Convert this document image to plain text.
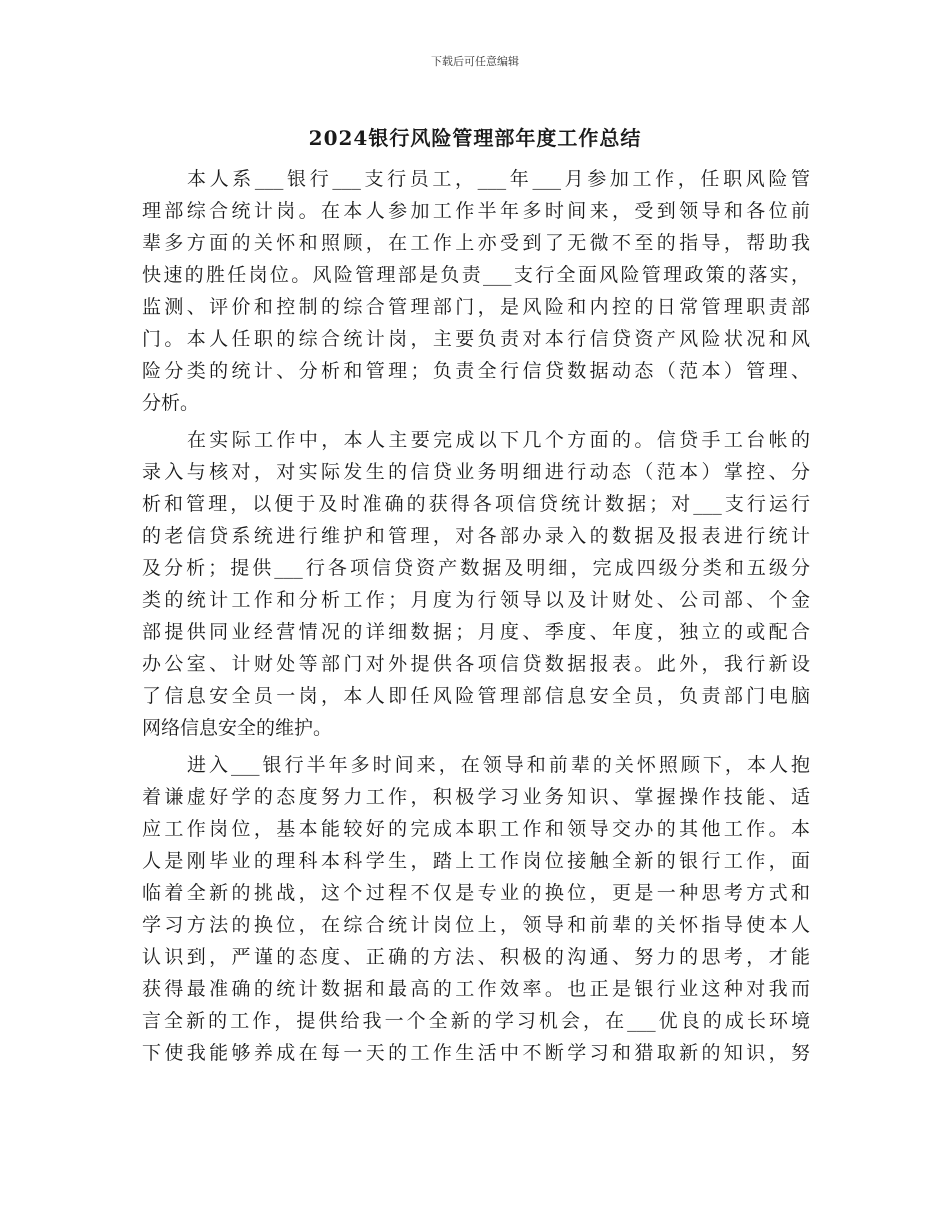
下载后可任意编辑
2024银行风险管理部年度工作总结
本人系___银行___支行员工，___年___月参加工作，任职风险管
理部综合统计岗。在本人参加工作半年多时间来，受到领导和各位前
辈多方面的关怀和照顾，在工作上亦受到了无微不至的指导，帮助我
快速的胜任岗位。风险管理部是负责___支行全面风险管理政策的落实，
监测、评价和控制的综合管理部门，是风险和内控的日常管理职责部
门。本人任职的综合统计岗，主要负责对本行信贷资产风险状况和风
险分类的统计、分析和管理；负责全行信贷数据动态（范本）管理、
分析。
在实际工作中，本人主要完成以下几个方面的。信贷手工台帐的
录入与核对，对实际发生的信贷业务明细进行动态（范本）掌控、分
析和管理，以便于及时准确的获得各项信贷统计数据；对___支行运行
的老信贷系统进行维护和管理，对各部办录入的数据及报表进行统计
及分析；提供___行各项信贷资产数据及明细，完成四级分类和五级分
类的统计工作和分析工作；月度为行领导以及计财处、公司部、个金
部提供同业经营情况的详细数据；月度、季度、年度，独立的或配合
办公室、计财处等部门对外提供各项信贷数据报表。此外，我行新设
了信息安全员一岗，本人即任风险管理部信息安全员，负责部门电脑
网络信息安全的维护。
进入___银行半年多时间来，在领导和前辈的关怀照顾下，本人抱
着谦虚好学的态度努力工作，积极学习业务知识、掌握操作技能、适
应工作岗位，基本能较好的完成本职工作和领导交办的其他工作。本
人是刚毕业的理科本科学生，踏上工作岗位接触全新的银行工作，面
临着全新的挑战，这个过程不仅是专业的换位，更是一种思考方式和
学习方法的换位，在综合统计岗位上，领导和前辈的关怀指导使本人
认识到，严谨的态度、正确的方法、积极的沟通、努力的思考，才能
获得最准确的统计数据和最高的工作效率。也正是银行业这种对我而
言全新的工作，提供给我一个全新的学习机会，在___优良的成长环境
下使我能够养成在每一天的工作生活中不断学习和猎取新的知识，努
